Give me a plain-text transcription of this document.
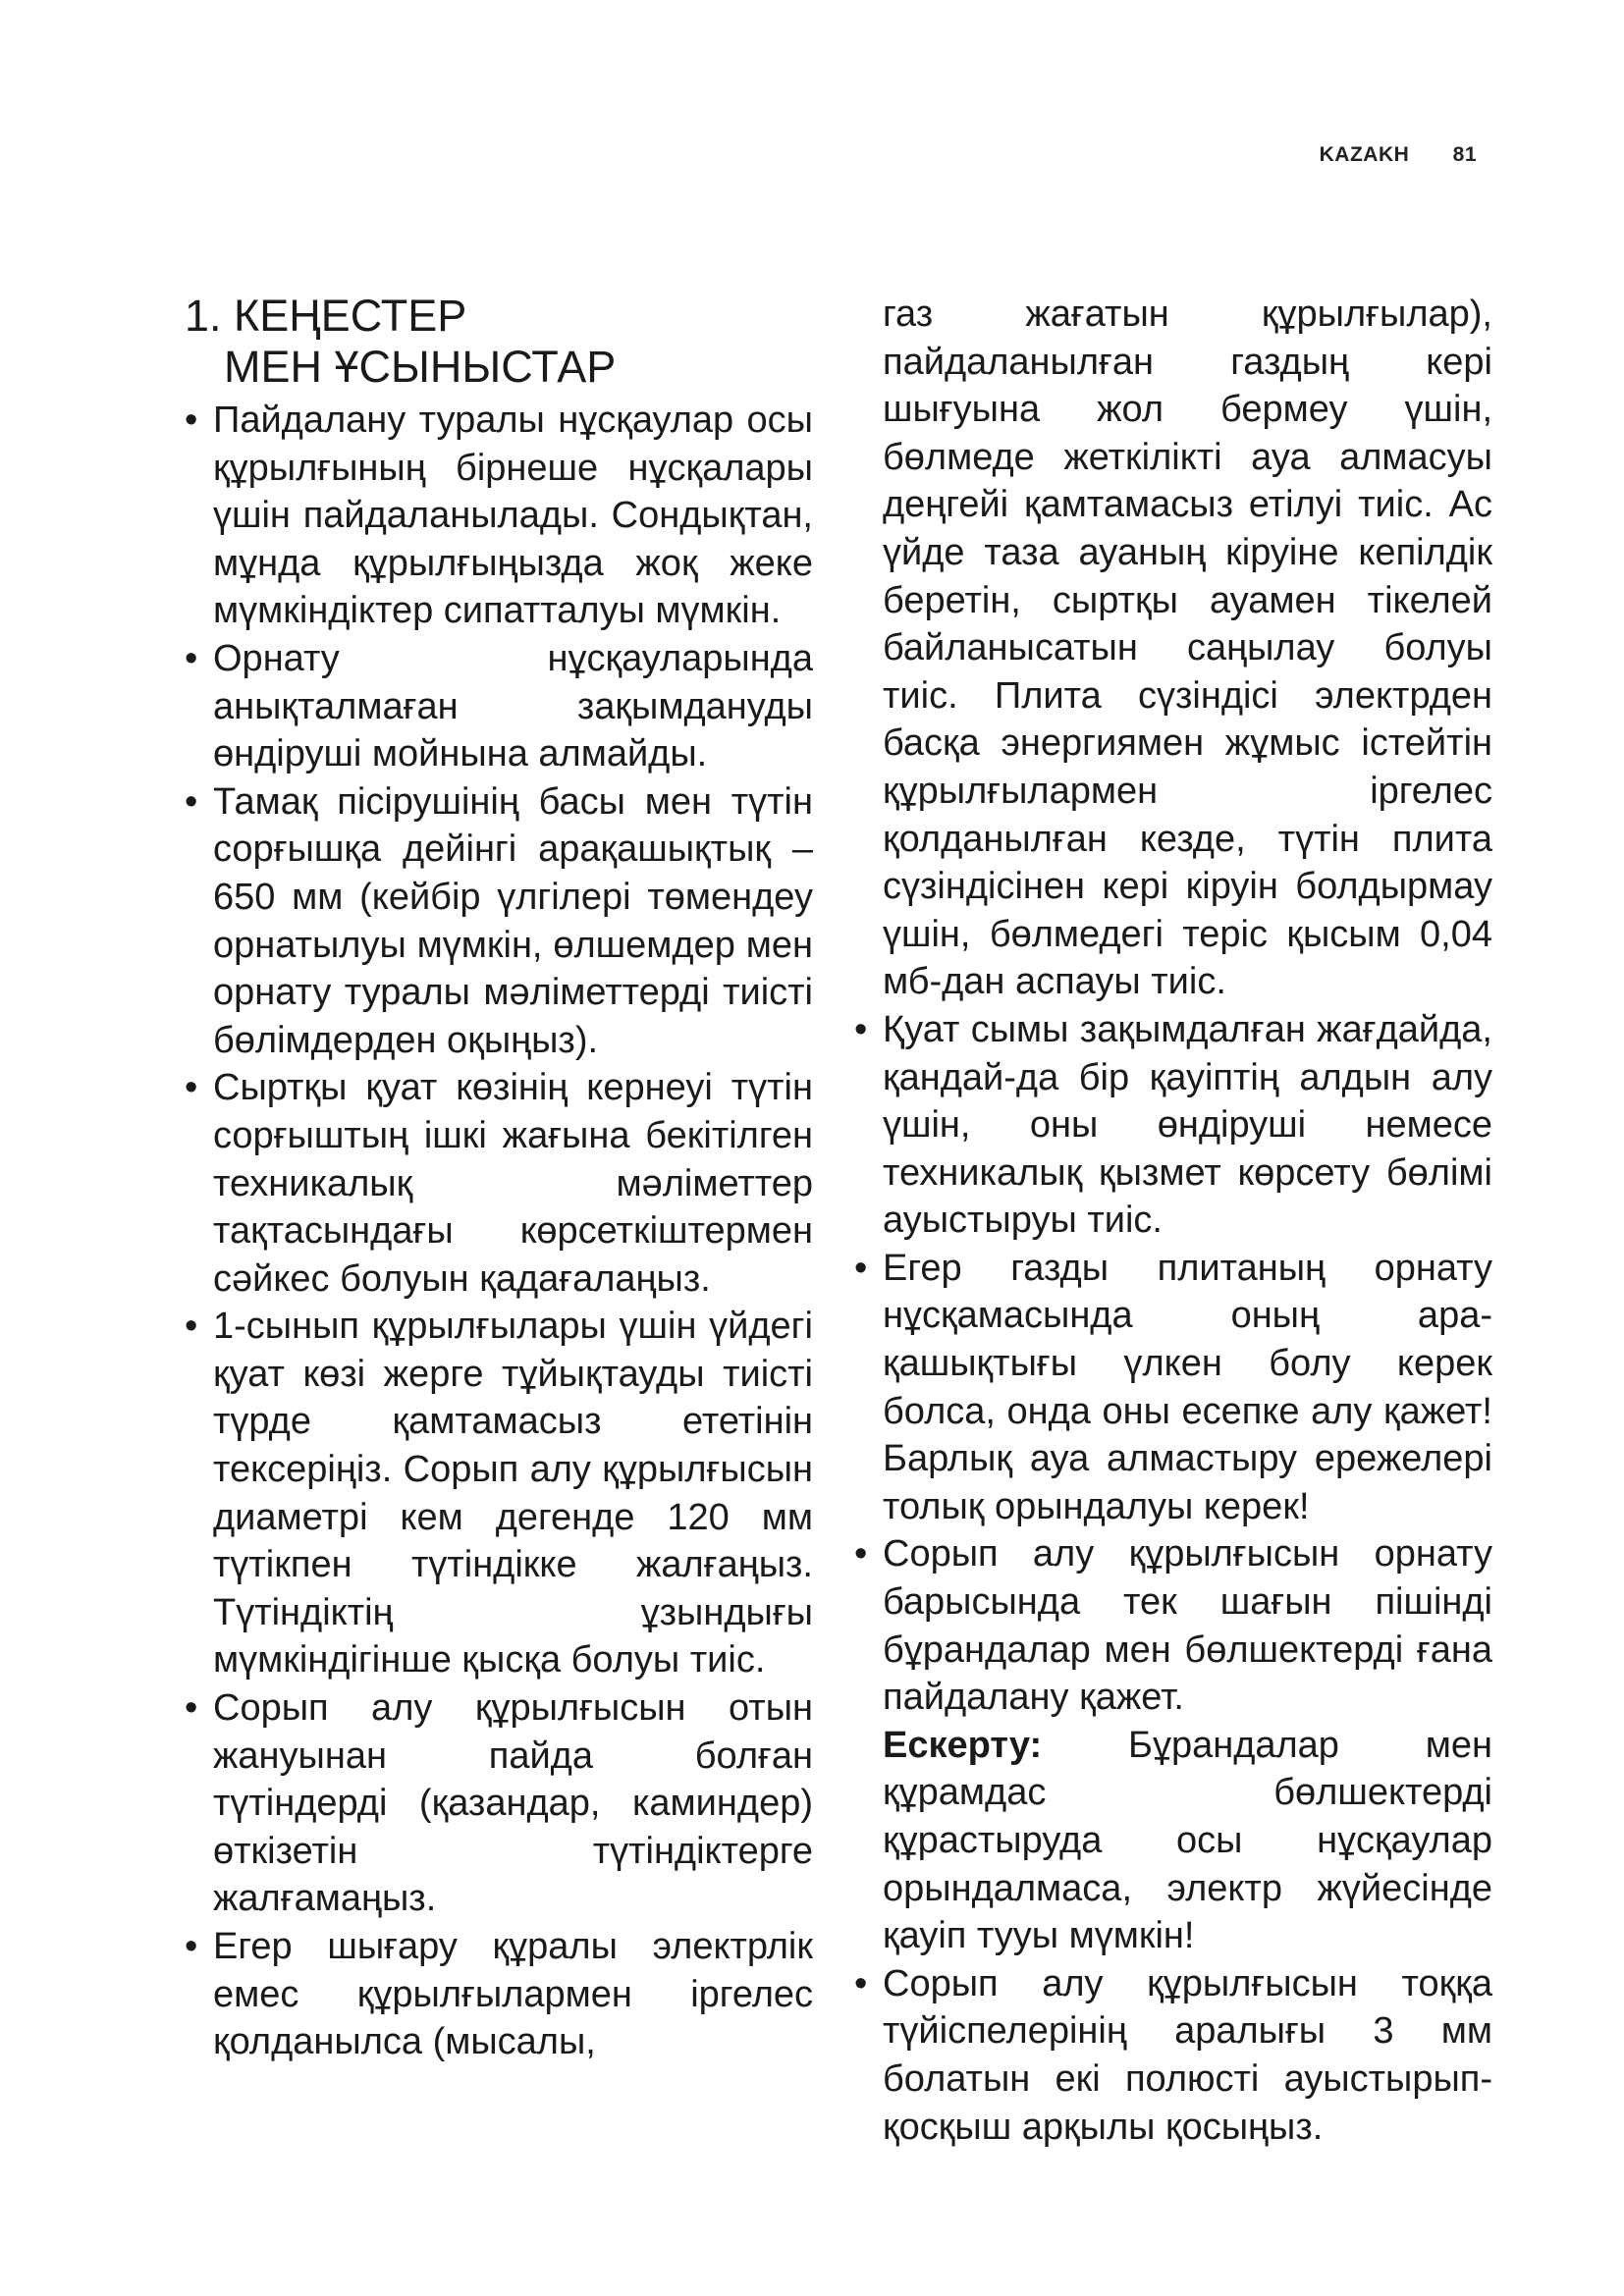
KAZAKH 81
1. КЕҢЕСТЕР
МЕН ҰСЫНЫСТАР
• Пайдалану туралы нұсқаулар осы құрылғының бірнеше нұсқалары үшін пайдаланылады. Сондықтан, мұнда құрылғыңызда жоқ жеке мүмкіндіктер сипатталуы мүмкін.
• Орнату нұсқауларында анықталмаған зақымдануды өндіруші мойнына алмайды.
• Тамақ пісірушінің басы мен түтін сорғышқа дейінгі арақашықтық – 650 мм (кейбір үлгілері төмендеу орнатылуы мүмкін, өлшемдер мен орнату туралы мәліметтерді тиісті бөлімдерден оқыңыз).
• Сыртқы қуат көзінің кернеуі түтін сорғыштың ішкі жағына бекітілген техникалық мәліметтер тақтасындағы көрсеткіштермен сәйкес болуын қадағалаңыз.
• 1-сынып құрылғылары үшін үйдегі қуат көзі жерге тұйықтауды тиісті түрде қамтамасыз ететінін тексеріңіз. Сорып алу құрылғысын диаметрі кем дегенде 120 мм түтікпен түтіндікке жалғаңыз. Түтіндіктің ұзындығы мүмкіндігінше қысқа болуы тиіс.
• Сорып алу құрылғысын отын жануынан пайда болған түтіндерді (қазандар, каминдер) өткізетін түтіндіктерге жалғамаңыз.
• Егер шығару құралы электрлік емес құрылғылармен іргелес қолданылса (мысалы,
газ жағатын құрылғылар), пайдаланылған газдың кері шығуына жол бермеу үшін, бөлмеде жеткілікті ауа алмасуы деңгейі қамтамасыз етілуі тиіс. Ас үйде таза ауаның кіруіне кепілдік беретін, сыртқы ауамен тікелей байланысатын саңылау болуы тиіс. Плита сүзіндісі электрден басқа энергиямен жұмыс істейтін құрылғылармен іргелес қолданылған кезде, түтін плита сүзіндісінен кері кіруін болдырмау үшін, бөлмедегі теріс қысым 0,04 мб-дан аспауы тиіс.
• Қуат сымы зақымдалған жағдайда, қандай-да бір қауіптің алдын алу үшін, оны өндіруші немесе техникалық қызмет көрсету бөлімі ауыстыруы тиіс.
• Егер газды плитаның орнату нұсқамасында оның ара-қашықтығы үлкен болу керек болса, онда оны есепке алу қажет! Барлық ауа алмастыру ережелері толық орындалуы керек!
• Сорып алу құрылғысын орнату барысында тек шағын пішінді бұрандалар мен бөлшектерді ғана пайдалану қажет.
Ескерту: Бұрандалар мен құрамдас бөлшектерді құрастыруда осы нұсқаулар орындалмаса, электр жүйесінде қауіп тууы мүмкін!
• Сорып алу құрылғысын тоққа түйіспелерінің аралығы 3 мм болатын екі полюсті ауыстырып-қосқыш арқылы қосыңыз.
